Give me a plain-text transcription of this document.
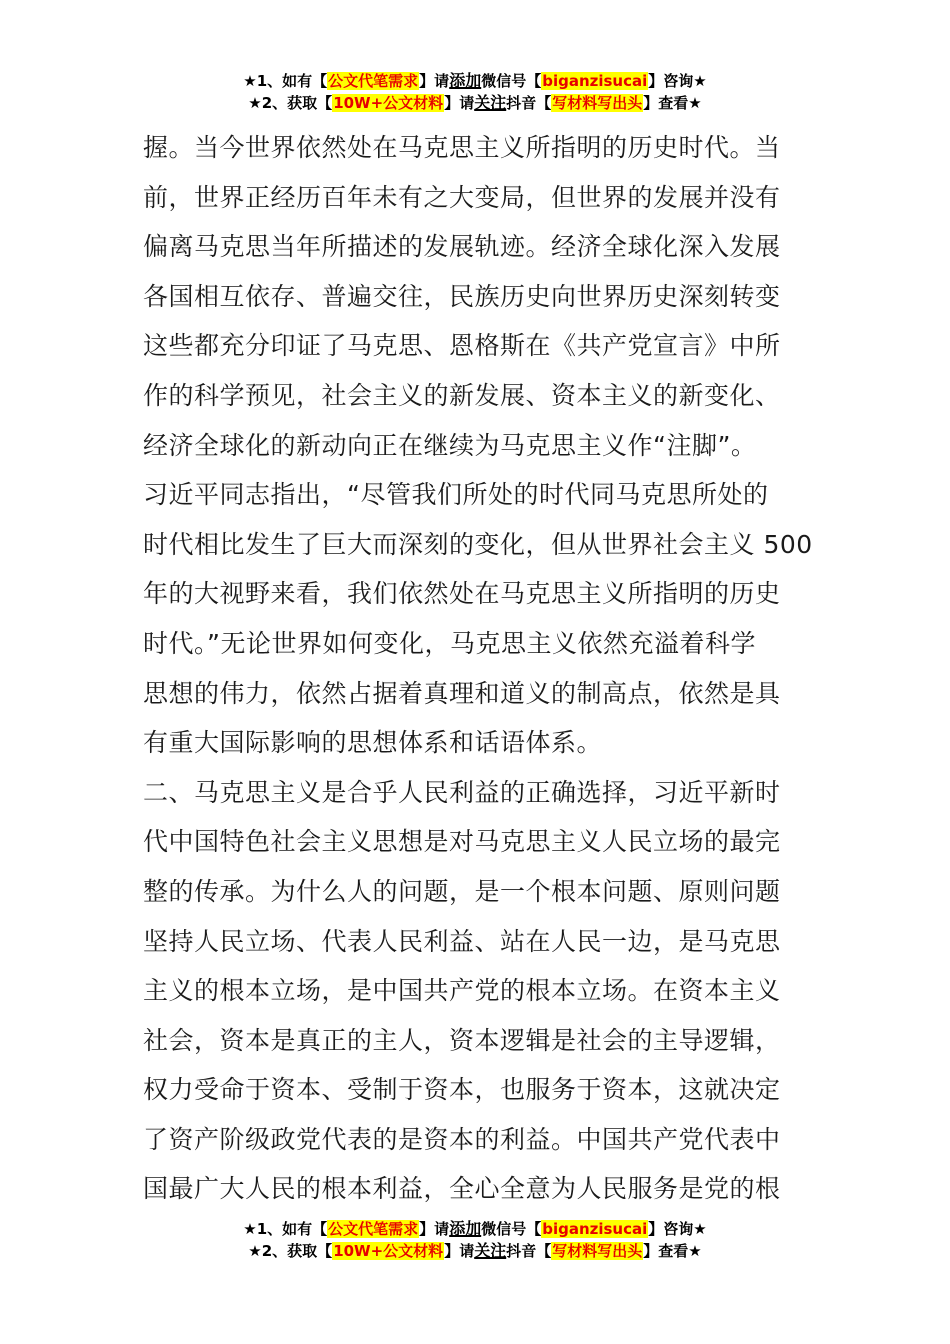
★1、如有【公文代笔需求】请添加微信号【biganzisucai】咨询★
★2、获取【10W+公文材料】请关注抖音【写材料写出头】查看★
握。当今世界依然处在马克思主义所指明的历史时代。当
前，世界正经历百年未有之大变局，但世界的发展并没有
偏离马克思当年所描述的发展轨迹。经济全球化深入发展
各国相互依存、普遍交往，民族历史向世界历史深刻转变
这些都充分印证了马克思、恩格斯在《共产党宣言》中所
作的科学预见，社会主义的新发展、资本主义的新变化、
经济全球化的新动向正在继续为马克思主义作“注脚”。
习近平同志指出，“尽管我们所处的时代同马克思所处的
时代相比发生了巨大而深刻的变化，但从世界社会主义 500
年的大视野来看，我们依然处在马克思主义所指明的历史
时代。”无论世界如何变化，马克思主义依然充溢着科学
思想的伟力，依然占据着真理和道义的制高点，依然是具
有重大国际影响的思想体系和话语体系。
二、马克思主义是合乎人民利益的正确选择，习近平新时
代中国特色社会主义思想是对马克思主义人民立场的最完
整的传承。为什么人的问题，是一个根本问题、原则问题
坚持人民立场、代表人民利益、站在人民一边，是马克思
主义的根本立场，是中国共产党的根本立场。在资本主义
社会，资本是真正的主人，资本逻辑是社会的主导逻辑，
权力受命于资本、受制于资本，也服务于资本，这就决定
了资产阶级政党代表的是资本的利益。中国共产党代表中
国最广大人民的根本利益，全心全意为人民服务是党的根
★1、如有【公文代笔需求】请添加微信号【biganzisucai】咨询★
★2、获取【10W+公文材料】请关注抖音【写材料写出头】查看★
